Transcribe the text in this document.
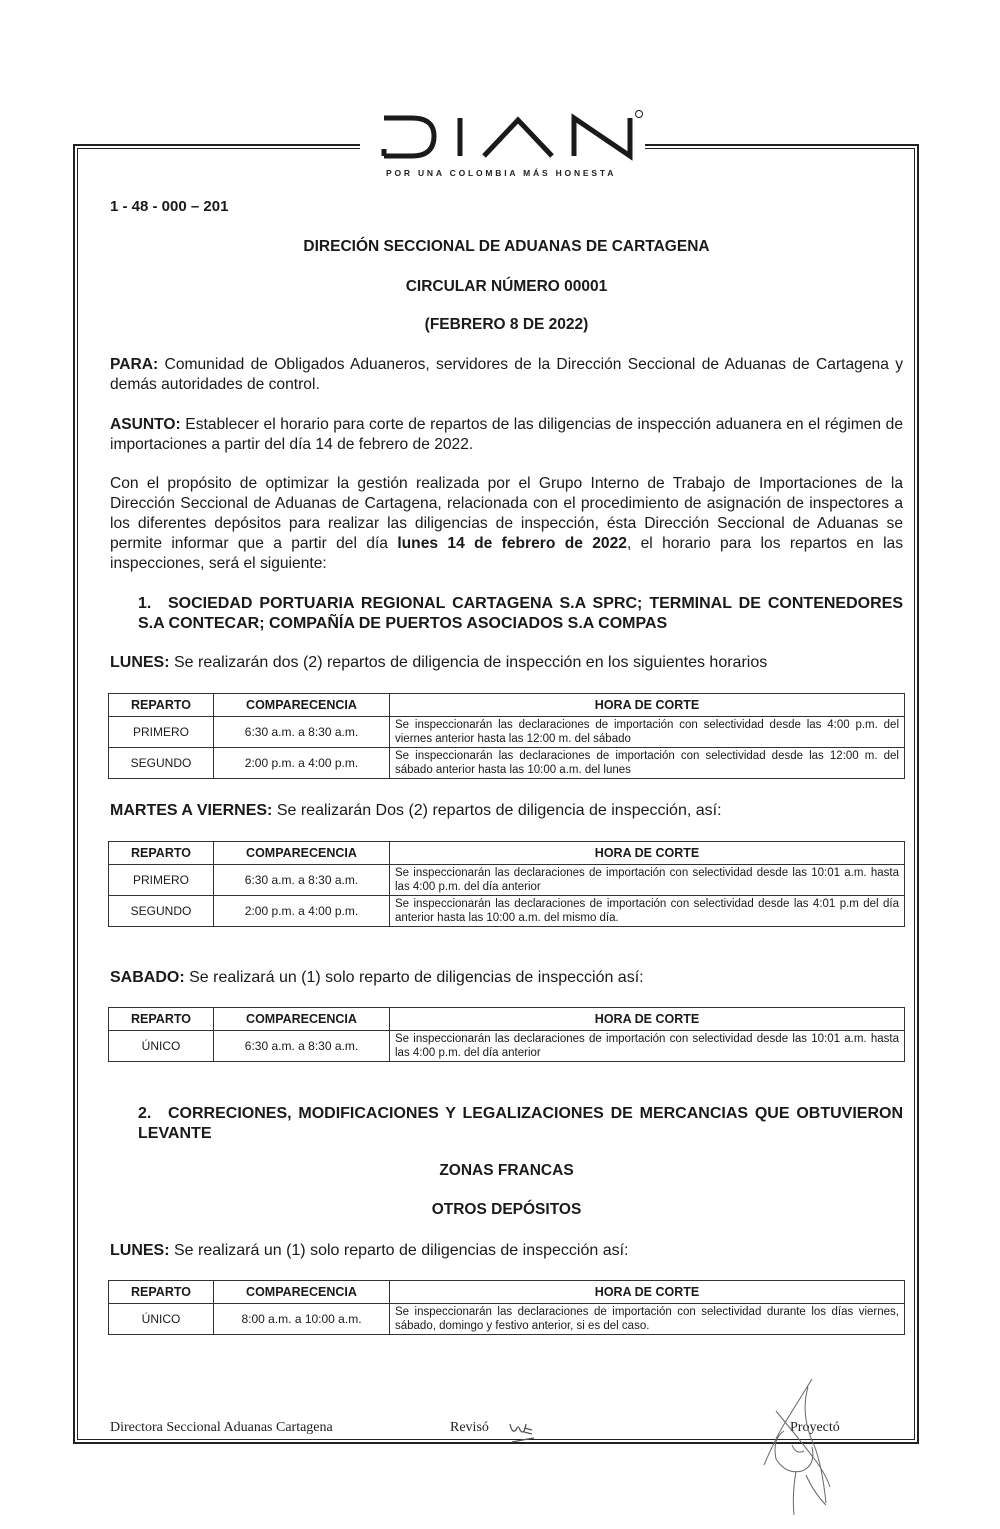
POR UNA COLOMBIA MÁS HONESTA
1 - 48 - 000 – 201
DIRECIÓN SECCIONAL DE ADUANAS DE CARTAGENA
CIRCULAR NÚMERO 00001
(FEBRERO 8 DE 2022)
PARA: Comunidad de Obligados Aduaneros, servidores de la Dirección Seccional de Aduanas de Cartagena y demás autoridades de control.
ASUNTO: Establecer el horario para corte de repartos de las diligencias de inspección aduanera en el régimen de importaciones a partir del día 14 de febrero de 2022.
Con el propósito de optimizar la gestión realizada por el Grupo Interno de Trabajo de Importaciones de la Dirección Seccional de Aduanas de Cartagena, relacionada con el procedimiento de asignación de inspectores a los diferentes depósitos para realizar las diligencias de inspección, ésta Dirección Seccional de Aduanas se permite informar que a partir del día lunes 14 de febrero de 2022, el horario para los repartos en las inspecciones, será el siguiente:
1. SOCIEDAD PORTUARIA REGIONAL CARTAGENA S.A SPRC; TERMINAL DE CONTENEDORES S.A CONTECAR; COMPAÑÍA DE PUERTOS ASOCIADOS S.A COMPAS
LUNES: Se realizarán dos (2) repartos de diligencia de inspección en los siguientes horarios
REPARTO	COMPARECENCIA	HORA DE CORTE
PRIMERO	6:30 a.m. a 8:30 a.m.	Se inspeccionarán las declaraciones de importación con selectividad desde las 4:00 p.m. del viernes anterior hasta las 12:00 m. del sábado
SEGUNDO	2:00 p.m. a 4:00 p.m.	Se inspeccionarán las declaraciones de importación con selectividad desde las 12:00 m. del sábado anterior hasta las 10:00 a.m. del lunes
MARTES A VIERNES: Se realizarán Dos (2) repartos de diligencia de inspección, así:
REPARTO	COMPARECENCIA	HORA DE CORTE
PRIMERO	6:30 a.m. a 8:30 a.m.	Se inspeccionarán las declaraciones de importación con selectividad desde las 10:01 a.m. hasta las 4:00 p.m. del día anterior
SEGUNDO	2:00 p.m. a 4:00 p.m.	Se inspeccionarán las declaraciones de importación con selectividad desde las 4:01 p.m del día anterior hasta las 10:00 a.m. del mismo día.
SABADO: Se realizará un (1) solo reparto de diligencias de inspección así:
REPARTO	COMPARECENCIA	HORA DE CORTE
ÚNICO	6:30 a.m. a 8:30 a.m.	Se inspeccionarán las declaraciones de importación con selectividad desde las 10:01 a.m. hasta las 4:00 p.m. del día anterior
2. CORRECIONES, MODIFICACIONES Y LEGALIZACIONES DE MERCANCIAS QUE OBTUVIERON LEVANTE
ZONAS FRANCAS
OTROS DEPÓSITOS
LUNES: Se realizará un (1) solo reparto de diligencias de inspección así:
REPARTO	COMPARECENCIA	HORA DE CORTE
ÚNICO	8:00 a.m. a 10:00 a.m.	Se inspeccionarán las declaraciones de importación con selectividad durante los días viernes, sábado, domingo y festivo anterior, si es del caso.
Directora Seccional Aduanas Cartagena	Revisó	Proyectó
